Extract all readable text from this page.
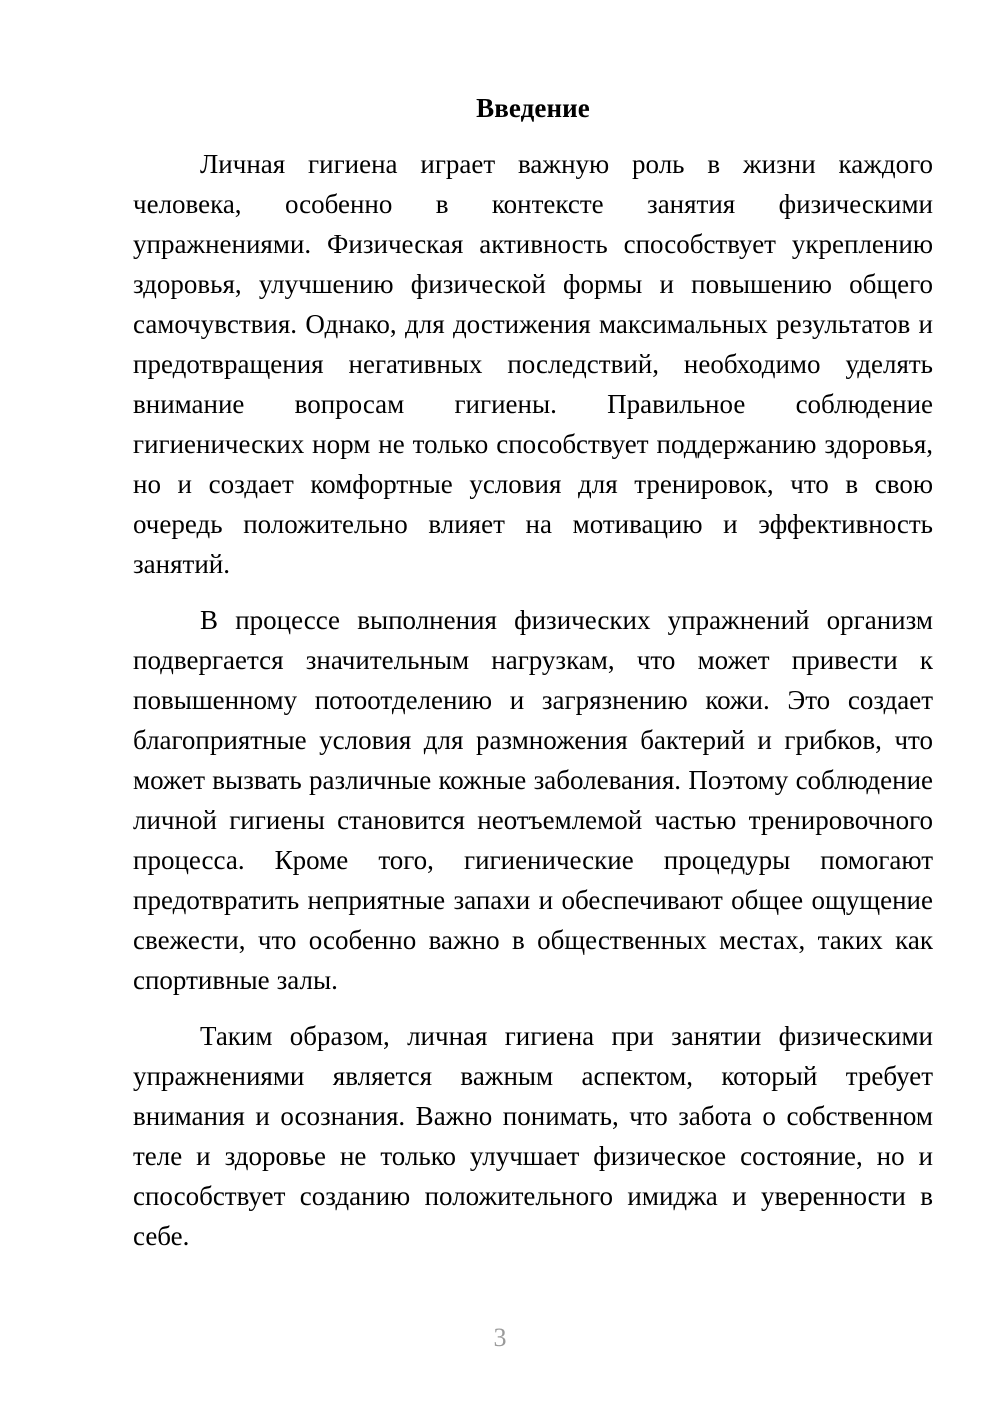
Введение

Личная гигиена играет важную роль в жизни каждого человека, особенно в контексте занятия физическими упражнениями. Физическая активность способствует укреплению здоровья, улучшению физической формы и повышению общего самочувствия. Однако, для достижения максимальных результатов и предотвращения негативных последствий, необходимо уделять внимание вопросам гигиены. Правильное соблюдение гигиенических норм не только способствует поддержанию здоровья, но и создает комфортные условия для тренировок, что в свою очередь положительно влияет на мотивацию и эффективность занятий.

В процессе выполнения физических упражнений организм подвергается значительным нагрузкам, что может привести к повышенному потоотделению и загрязнению кожи. Это создает благоприятные условия для размножения бактерий и грибков, что может вызвать различные кожные заболевания. Поэтому соблюдение личной гигиены становится неотъемлемой частью тренировочного процесса. Кроме того, гигиенические процедуры помогают предотвратить неприятные запахи и обеспечивают общее ощущение свежести, что особенно важно в общественных местах, таких как спортивные залы.

Таким образом, личная гигиена при занятии физическими упражнениями является важным аспектом, который требует внимания и осознания. Важно понимать, что забота о собственном теле и здоровье не только улучшает физическое состояние, но и способствует созданию положительного имиджа и уверенности в себе.

3
